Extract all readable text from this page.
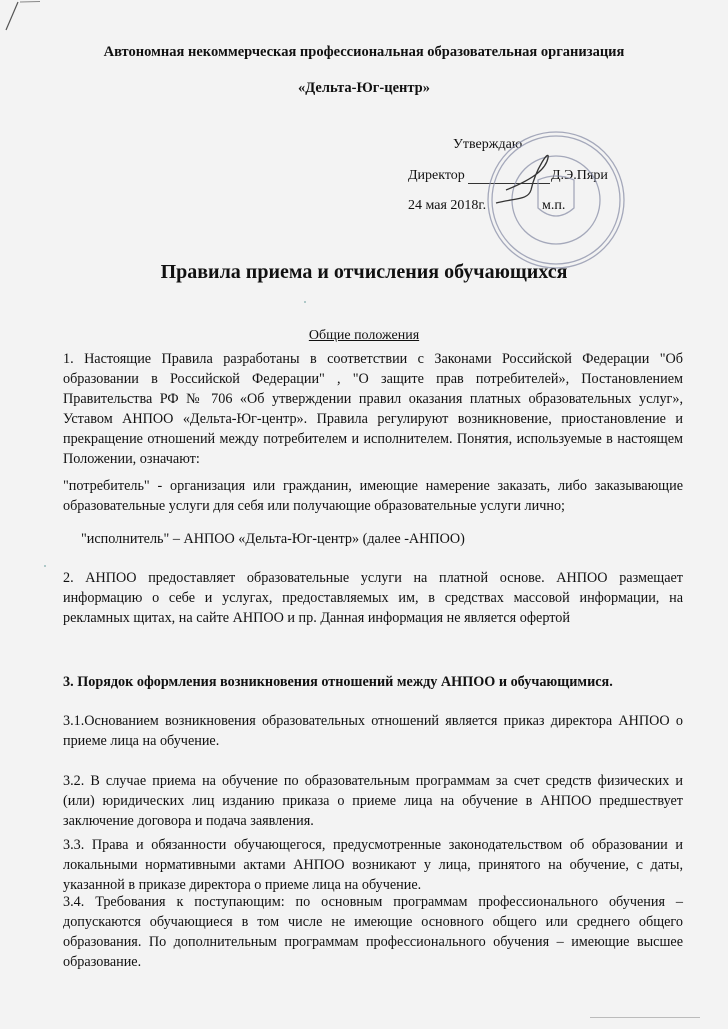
Автономная некоммерческая профессиональная образовательная организация
«Дельта-Юг-центр»
Утверждаю
Директор	Д.Э.Пяри
24 мая 2018г.	м.п.
Правила приема и отчисления обучающихся
Общие положения
1. Настоящие Правила разработаны в соответствии с Законами Российской Федерации "Об образовании в Российской Федерации" , "О защите прав потребителей», Постановлением Правительства РФ № 706 «Об утверждении правил оказания платных образовательных услуг», Уставом АНПОО «Дельта-Юг-центр». Правила регулируют возникновение, приостановление и прекращение отношений между потребителем и исполнителем. Понятия, используемые в настоящем Положении, означают:
"потребитель" - организация или гражданин, имеющие намерение заказать, либо заказывающие образовательные услуги для себя или получающие образовательные услуги лично;
"исполнитель" – АНПОО «Дельта-Юг-центр» (далее -АНПОО)
2. АНПОО предоставляет образовательные услуги на платной основе. АНПОО размещает информацию о себе и услугах, предоставляемых им, в средствах массовой информации, на рекламных щитах, на сайте АНПОО и пр. Данная информация не является офертой
3. Порядок оформления возникновения отношений между АНПОО и обучающимися.
3.1.Основанием возникновения образовательных отношений является приказ директора АНПОО о приеме лица на обучение.
3.2. В случае приема на обучение по образовательным программам за счет средств физических и (или) юридических лиц изданию приказа о приеме лица на обучение в АНПОО предшествует заключение договора и подача заявления.
3.3. Права и обязанности обучающегося, предусмотренные законодательством об образовании и локальными нормативными актами АНПОО возникают у лица, принятого на обучение, с даты, указанной в приказе директора о приеме лица на обучение.
3.4. Требования к поступающим: по основным программам профессионального обучения – допускаются обучающиеся в том числе не имеющие основного общего или среднего общего образования. По дополнительным программам профессионального обучения – имеющие высшее образование.
